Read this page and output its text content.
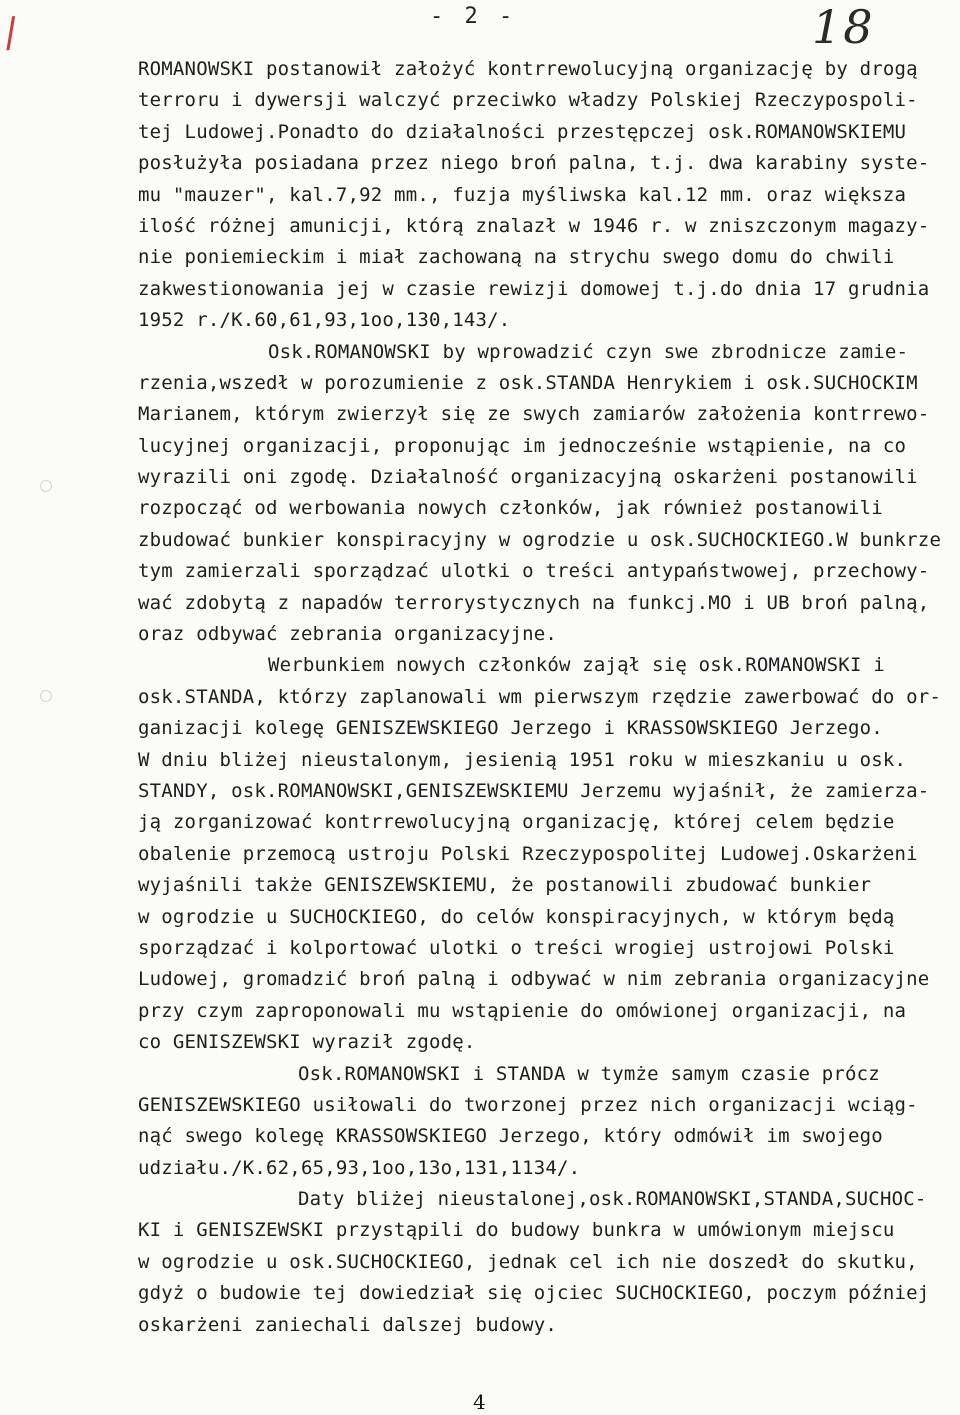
/	- 2 -	18
ROMANOWSKI postanowił założyć kontrrewolucyjną organizację by drogą
terroru i dywersji walczyć przeciwko władzy Polskiej Rzeczypospoli-
tej Ludowej.Ponadto do działalności przestępczej osk.ROMANOWSKIEMU
posłużyła posiadana przez niego broń palna, t.j. dwa karabiny syste-
mu "mauzer", kal.7,92 mm., fuzja myśliwska kal.12 mm. oraz większa
ilość różnej amunicji, którą znalazł w 1946 r. w zniszczonym magazy-
nie poniemieckim i miał zachowaną na strychu swego domu do chwili
zakwestionowania jej w czasie rewizji domowej t.j.do dnia 17 grudnia
1952 r./K.60,61,93,1oo,130,143/.
Osk.ROMANOWSKI by wprowadzić czyn swe zbrodnicze zamie-
rzenia,wszedł w porozumienie z osk.STANDA Henrykiem i osk.SUCHOCKIM
Marianem, którym zwierzył się ze swych zamiarów założenia kontrrewo-
lucyjnej organizacji, proponując im jednocześnie wstąpienie, na co
wyrazili oni zgodę. Działalność organizacyjną oskarżeni postanowili
rozpocząć od werbowania nowych członków, jak również postanowili
zbudować bunkier konspiracyjny w ogrodzie u osk.SUCHOCKIEGO.W bunkrze
tym zamierzali sporządzać ulotki o treści antypaństwowej, przechowy-
wać zdobytą z napadów terrorystycznych na funkcj.MO i UB broń palną,
oraz odbywać zebrania organizacyjne.
Werbunkiem nowych członków zajął się osk.ROMANOWSKI i
osk.STANDA, którzy zaplanowali wm pierwszym rzędzie zawerbować do or-
ganizacji kolegę GENISZEWSKIEGO Jerzego i KRASSOWSKIEGO Jerzego.
W dniu bliżej nieustalonym, jesienią 1951 roku w mieszkaniu u osk.
STANDY, osk.ROMANOWSKI,GENISZEWSKIEMU Jerzemu wyjaśnił, że zamierza-
ją zorganizować kontrrewolucyjną organizację, której celem będzie
obalenie przemocą ustroju Polski Rzeczypospolitej Ludowej.Oskarżeni
wyjaśnili także GENISZEWSKIEMU, że postanowili zbudować bunkier
w ogrodzie u SUCHOCKIEGO, do celów konspiracyjnych, w którym będą
sporządzać i kolportować ulotki o treści wrogiej ustrojowi Polski
Ludowej, gromadzić broń palną i odbywać w nim zebrania organizacyjne
przy czym zaproponowali mu wstąpienie do omówionej organizacji, na
co GENISZEWSKI wyraził zgodę.
Osk.ROMANOWSKI i STANDA w tymże samym czasie prócz
GENISZEWSKIEGO usiłowali do tworzonej przez nich organizacji wciąg-
nąć swego kolegę KRASSOWSKIEGO Jerzego, który odmówił im swojego
udziału./K.62,65,93,1oo,13o,131,1134/.
Daty bliżej nieustalonej,osk.ROMANOWSKI,STANDA,SUCHOC-
KI i GENISZEWSKI przystąpili do budowy bunkra w umówionym miejscu
w ogrodzie u osk.SUCHOCKIEGO, jednak cel ich nie doszedł do skutku,
gdyż o budowie tej dowiedział się ojciec SUCHOCKIEGO, poczym później
oskarżeni zaniechali dalszej budowy.
4
